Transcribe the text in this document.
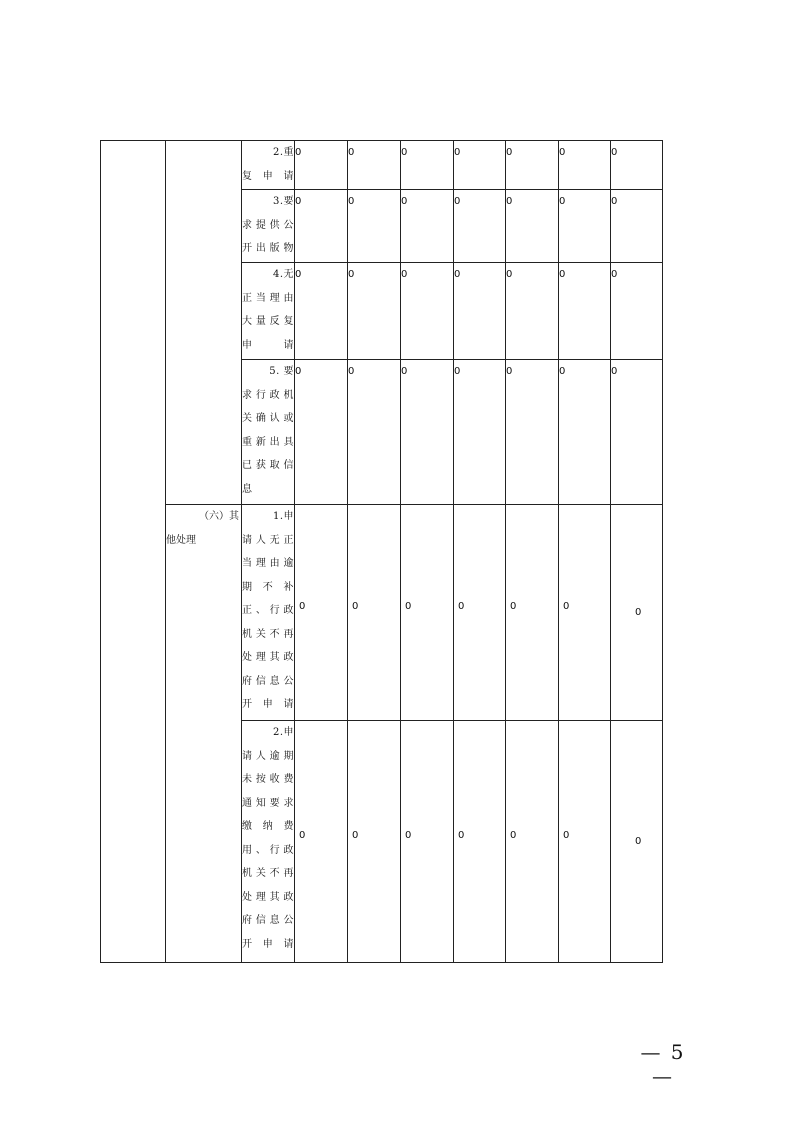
		2.重
复申请	0	0	0	0	0	0	0

		3.要
求提供公开出版物	0	0	0	0	0	0	0

		4.无
正当理由大量反复申请	0	0	0	0	0	0	0

		5. 要
求行政机关确认或重新出具已获取信息	0	0	0	0	0	0	0

	（六）其
他处理	1.申
请人无正当理由逾期不补正、行政机关不再处理其政府信息公开申请	0	0	0	0	0	0	0

		2.申
请人逾期未按收费通知要求缴纳费用、行政机关不再处理其政府信息公开申请	0	0	0	0	0	0	0
— 5 —
